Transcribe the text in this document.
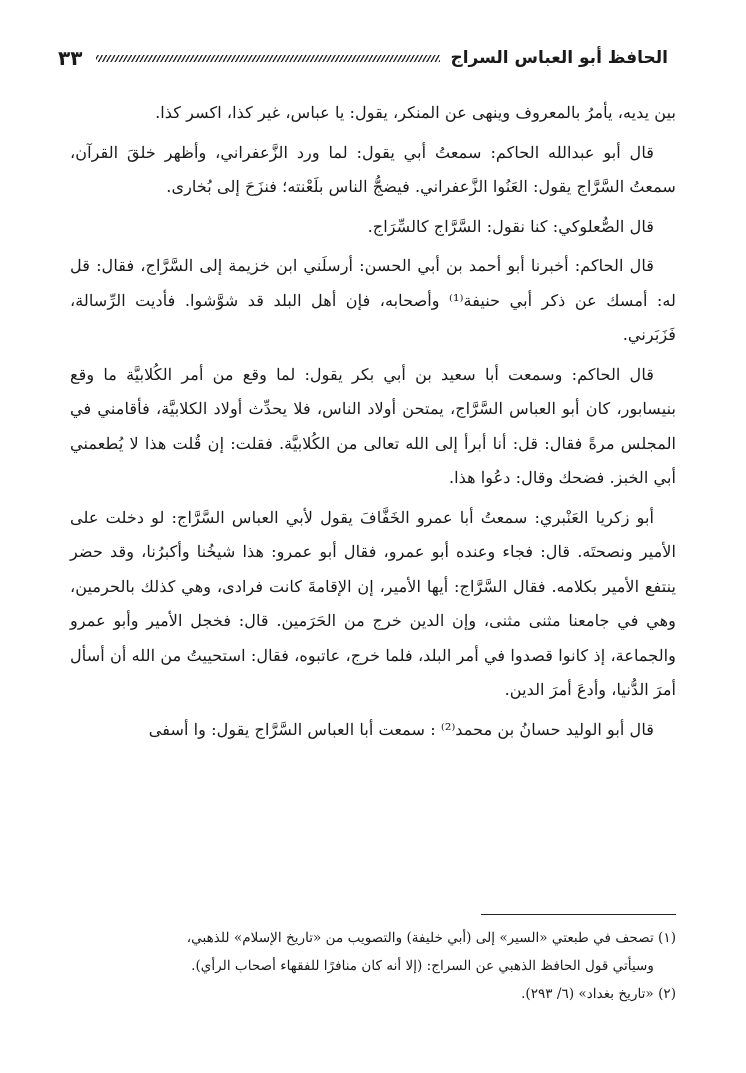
الحافظ أبو العباس السراج
٣٣

بين يديه، يأمرُ بالمعروف وينهى عن المنكر، يقول: يا عباس، غير كذا، اكسر كذا.

قال أبو عبدالله الحاكم: سمعتُ أبي يقول: لما ورد الزَّعفراني، وأظهر خلقَ القرآن، سمعتُ السَّرَّاج يقول: العَنُوا الزَّعفراني. فيضجُّ الناس بلَعْنته؛ فنزَحَ إلى بُخارى.

قال الصُّعلوكي: كنا نقول: السَّرَّاج كالسِّرَاج.

قال الحاكم: أخبرنا أبو أحمد بن أبي الحسن: أرسلَني ابن خزيمة إلى السَّرَّاج، فقال: قل له: أمسك عن ذكر أبي حنيفة⁽¹⁾ وأصحابه، فإن أهل البلد قد شوَّشوا. فأديت الرِّسالة، فَزَبَرني.

قال الحاكم: وسمعت أبا سعيد بن أبي بكر يقول: لما وقع من أمر الكُلابيَّة ما وقع بنيسابور، كان أبو العباس السَّرَّاج، يمتحن أولاد الناس، فلا يحدِّث أولاد الكلابيَّة، فأقامني في المجلس مرةً فقال: قل: أنا أبرأ إلى الله تعالى من الكُلابيَّة. فقلت: إن قُلت هذا لا يُطعمني أبي الخبز. فضحك وقال: دعُوا هذا.

أبو زكريا العَنْبري: سمعتُ أبا عمرو الخَفَّافَ يقول لأبي العباس السَّرَّاج: لو دخلت على الأمير ونصحتَه. قال: فجاء وعنده أبو عمرو، فقال أبو عمرو: هذا شيخُنا وأكبرُنا، وقد حضر ينتفع الأمير بكلامه. فقال السَّرَّاج: أيها الأمير، إن الإقامةَ كانت فرادى، وهي كذلك بالحرمين، وهي في جامعنا مثنى مثنى، وإن الدين خرج من الحَرَمين. قال: فخجل الأمير وأبو عمرو والجماعة، إذ كانوا قصدوا في أمر البلد، فلما خرج، عاتبوه، فقال: استحييتُ من الله أن أسأل أمرَ الدُّنيا، وأدعَ أمرَ الدين.

قال أبو الوليد حسانُ بن محمد⁽²⁾ : سمعت أبا العباس السَّرَّاج يقول: وا أسفى

(١) تصحف في طبعتي «السير» إلى (أبي خليفة) والتصويب من «تاريخ الإسلام» للذهبي،

وسيأتي قول الحافظ الذهبي عن السراج: (إلا أنه كان منافرًا للفقهاء أصحاب الرأي).

(٢) «تاريخ بغداد» (٦/ ٢٩٣).
